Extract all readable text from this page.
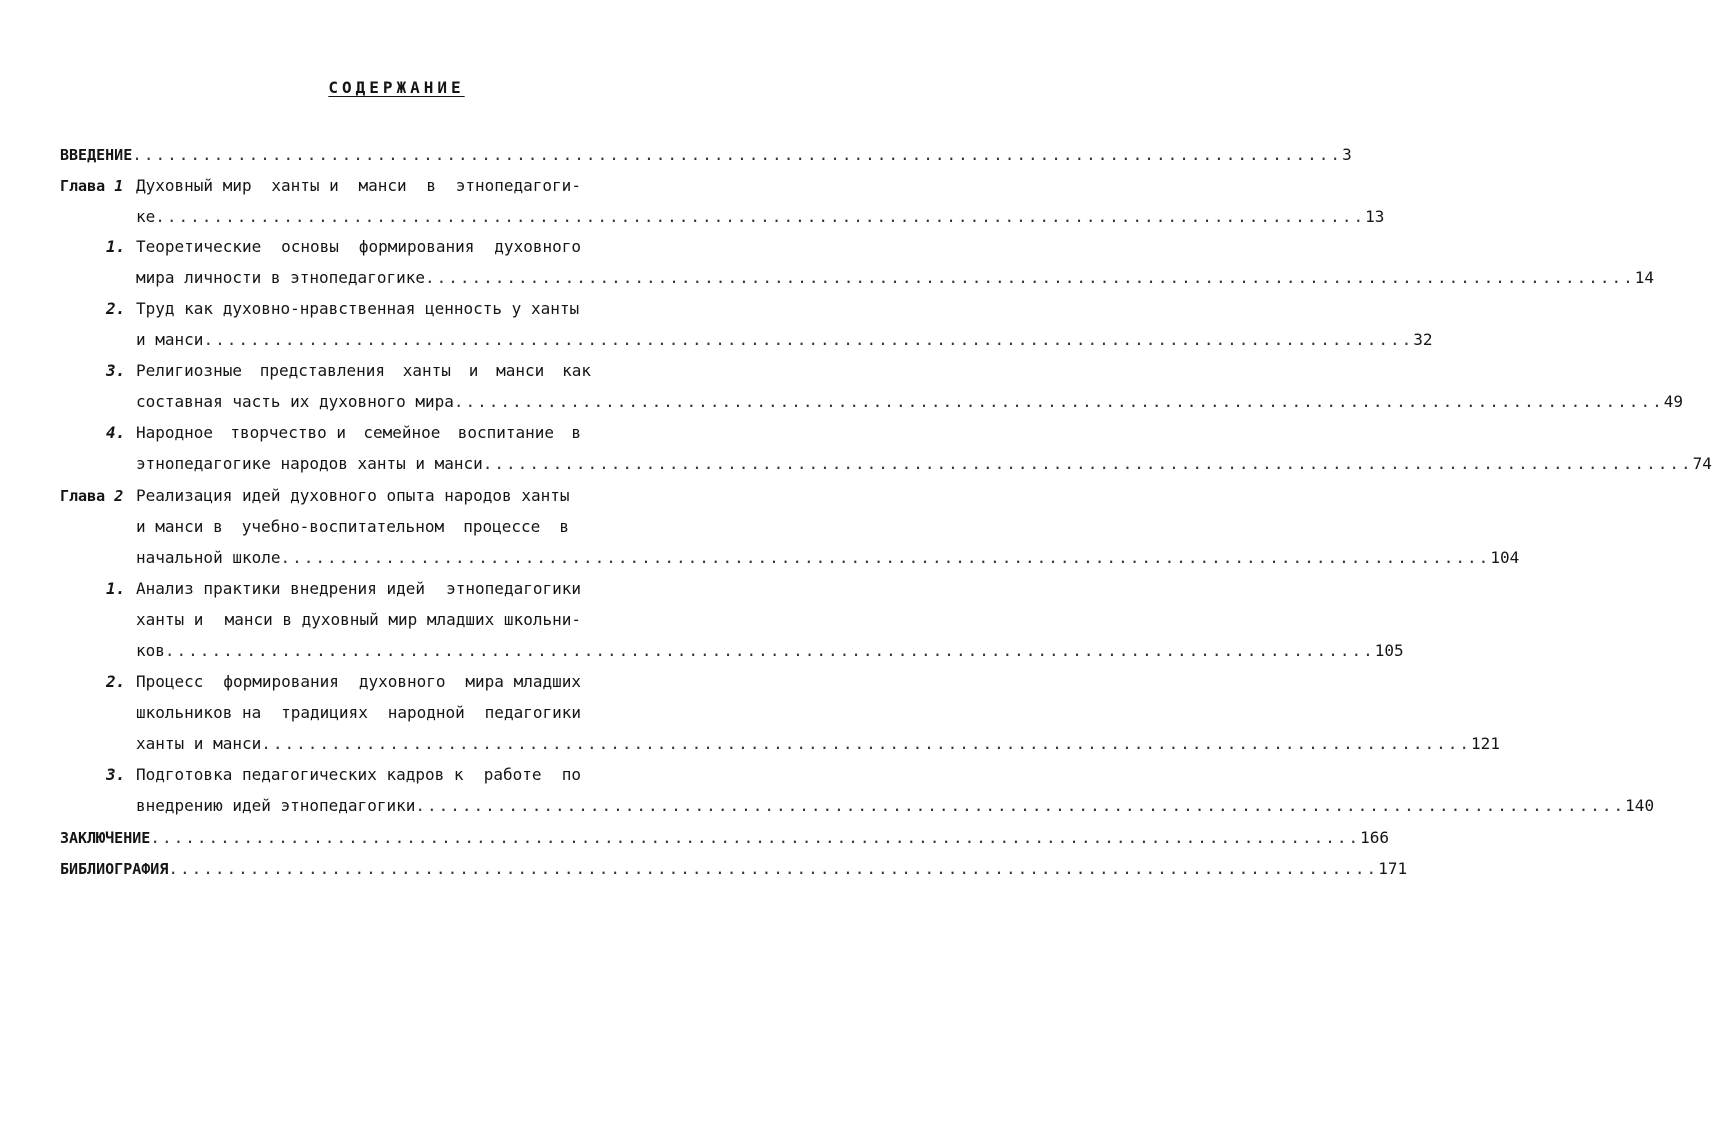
СОДЕРЖАНИЕ
ВВЕДЕНИЕ ........................................................................................................ 3
Глава 1 Духовный мир ханты и манси в этнопедагоги-
ке ........................................................................................................ 13
1. Теоретические основы формирования духовного
мира личности в этнопедагогике ........................................................................................................ 14
2. Труд как духовно-нравственная ценность у ханты
и манси ........................................................................................................ 32
3. Религиозные представления ханты и манси как
составная часть их духовного мира ........................................................................................................ 49
4. Народное творчество и семейное воспитание в
этнопедагогике народов ханты и манси ........................................................................................................ 74
Глава 2 Реализация идей духовного опыта народов ханты
и манси в учебно-воспитательном процессе в
начальной школе ........................................................................................................ 104
1. Анализ практики внедрения идей этнопедагогики
ханты и манси в духовный мир младших школьни-
ков ........................................................................................................ 105
2. Процесс формирования духовного мира младших
школьников на традициях народной педагогики
ханты и манси ........................................................................................................ 121
3. Подготовка педагогических кадров к работе по
внедрению идей этнопедагогики ........................................................................................................ 140
ЗАКЛЮЧЕНИЕ ........................................................................................................ 166
БИБЛИОГРАФИЯ ........................................................................................................ 171
